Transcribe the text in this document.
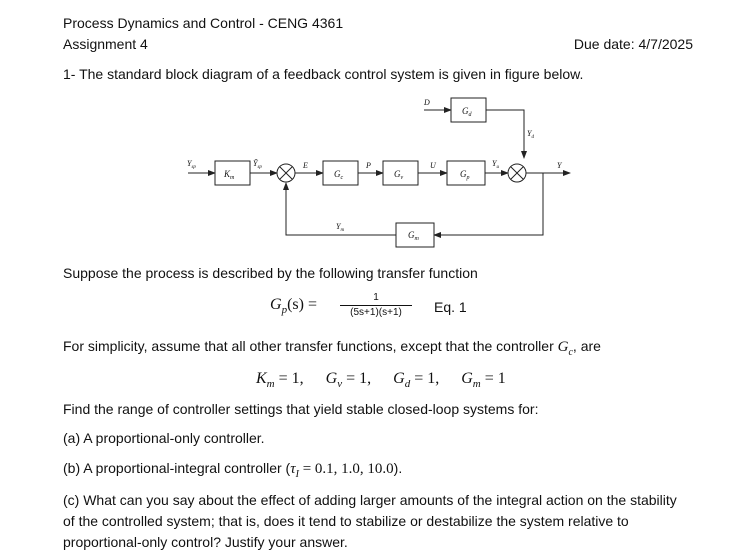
Process Dynamics and Control - CENG 4361
Assignment 4	Due date: 4/7/2025
1- The standard block diagram of a feedback control system is given in figure below.
$K_m$	$G_c$	$G_v$	$G_p$
$G_d$
$G_m$
$Y_{sp}$	Ỹ$_{sp}$	E	P	U
D
$Y_u$
$Y_d$
Y
$Y_m$
Suppose the process is described by the following transfer function
$G_p(s)$ =	1
(5s+1)(s+1)	Eq. 1
For simplicity, assume that all other transfer functions, except that the controller $G_c$, are
$K_m = 1$, $G_v = 1$, $G_d = 1$, $G_m = 1$
Find the range of controller settings that yield stable closed-loop systems for:
(a) A proportional-only controller.
(b) A proportional-integral controller ($\tau_I = 0.1$, 1.0, 10.0).
(c) What can you say about the effect of adding larger amounts of the integral action on the stability of the controlled system; that is, does it tend to stabilize or destabilize the system relative to proportional-only control? Justify your answer.
